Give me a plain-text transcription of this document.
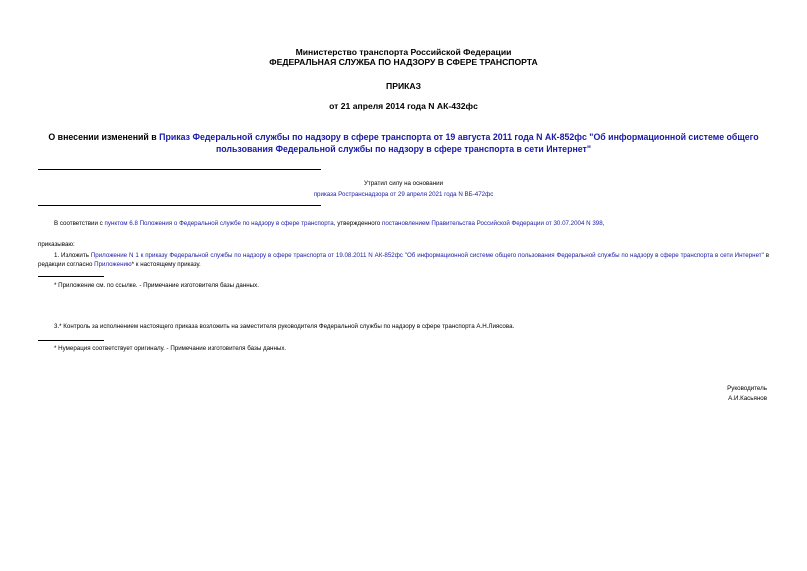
Министерство транспорта Российской Федерации
ФЕДЕРАЛЬНАЯ СЛУЖБА ПО НАДЗОРУ В СФЕРЕ ТРАНСПОРТА
ПРИКАЗ
от 21 апреля 2014 года N АК-432фс
О внесении изменений в Приказ Федеральной службы по надзору в сфере транспорта от 19 августа 2011 года N АК-852фс "Об информационной системе общего пользования Федеральной службы по надзору в сфере транспорта в сети Интернет"
Утратил силу на основании
приказа Ространснадзора от 29 апреля 2021 года N ВБ-472фс
В соответствии с пунктом 6.8 Положения о Федеральной службе по надзору в сфере транспорта, утвержденного постановлением Правительства Российской Федерации от 30.07.2004 N 398,
приказываю:
1. Изложить Приложение N 1 к приказу Федеральной службы по надзору в сфере транспорта от 19.08.2011 N АК-852фс "Об информационной системе общего пользования Федеральной службы по надзору в сфере транспорта в сети Интернет" в редакции согласно Приложению* к настоящему приказу.
* Приложение см. по ссылке. - Примечание изготовителя базы данных.
3.* Контроль за исполнением настоящего приказа возложить на заместителя руководителя Федеральной службы по надзору в сфере транспорта А.Н.Лиясова.
* Нумерация соответствует оригиналу. - Примечание изготовителя базы данных.
Руководитель
А.И.Касьянов
